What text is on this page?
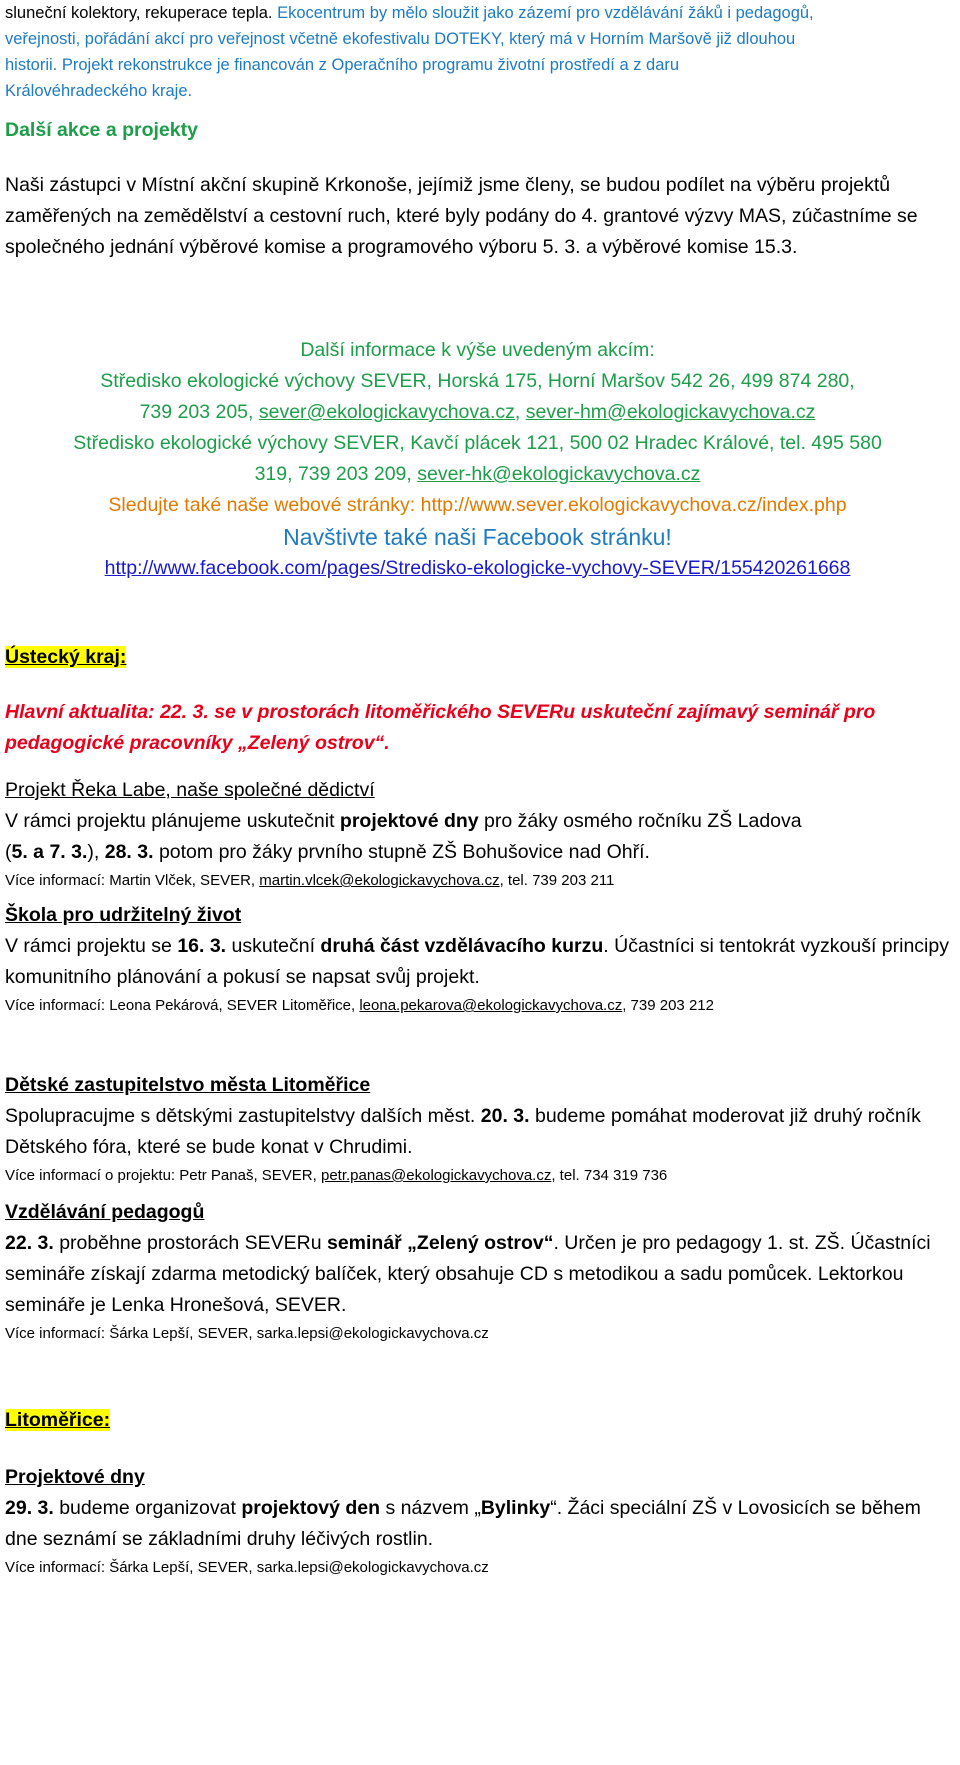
sluneční kolektory, rekuperace tepla. Ekocentrum by mělo sloužit jako zázemí pro vzdělávání žáků i pedagogů,

veřejnosti, pořádání akcí pro veřejnost včetně ekofestivalu DOTEKY, který má v Horním Maršově již dlouhou

historii. Projekt rekonstrukce je financován z Operačního programu životní prostředí a z daru

Královéhradeckého kraje.

Další akce a projekty

Naši zástupci v Místní akční skupině Krkonoše, jejímiž jsme členy, se budou podílet na výběru projektů zaměřených na zemědělství a cestovní ruch, které byly podány do 4. grantové výzvy MAS, zúčastníme se společného jednání výběrové komise a programového výboru 5. 3. a výběrové komise 15.3.

Další informace k výše uvedeným akcím:
Středisko ekologické výchovy SEVER, Horská 175, Horní Maršov 542 26, 499 874 280,
739 203 205, sever@ekologickavychova.cz, sever-hm@ekologickavychova.cz
Středisko ekologické výchovy SEVER, Kavčí plácek 121, 500 02 Hradec Králové, tel. 495 580
319, 739 203 209, sever-hk@ekologickavychova.cz
Sledujte také naše webové stránky: http://www.sever.ekologickavychova.cz/index.php
Navštivte také naši Facebook stránku!
http://www.facebook.com/pages/Stredisko-ekologicke-vychovy-SEVER/155420261668

Ústecký kraj:

Hlavní aktualita: 22. 3. se v prostorách litoměřického SEVERu uskuteční zajímavý seminář pro pedagogické pracovníky „Zelený ostrov“.

Projekt Řeka Labe, naše společné dědictví

V rámci projektu plánujeme uskutečnit projektové dny pro žáky osmého ročníku ZŠ Ladova
(5. a 7. 3.), 28. 3. potom pro žáky prvního stupně ZŠ Bohušovice nad Ohří.

Více informací: Martin Vlček, SEVER, martin.vlcek@ekologickavychova.cz, tel. 739 203 211

Škola pro udržitelný život

V rámci projektu se 16. 3. uskuteční druhá část vzdělávacího kurzu. Účastníci si tentokrát vyzkouší principy komunitního plánování a pokusí se napsat svůj projekt.

Více informací: Leona Pekárová, SEVER Litoměřice, leona.pekarova@ekologickavychova.cz, 739 203 212

Dětské zastupitelstvo města Litoměřice

Spolupracujme s dětskými zastupitelstvy dalších měst. 20. 3. budeme pomáhat moderovat již druhý ročník Dětského fóra, které se bude konat v Chrudimi.

Více informací o projektu: Petr Panaš, SEVER, petr.panas@ekologickavychova.cz, tel. 734 319 736

Vzdělávání pedagogů

22. 3. proběhne prostorách SEVERu seminář „Zelený ostrov“. Určen je pro pedagogy 1. st. ZŠ. Účastníci semináře získají zdarma metodický balíček, který obsahuje CD s metodikou a sadu pomůcek. Lektorkou semináře je Lenka Hronešová, SEVER.

Více informací: Šárka Lepší, SEVER, sarka.lepsi@ekologickavychova.cz

Litoměřice:

Projektové dny

29. 3. budeme organizovat projektový den s názvem „Bylinky“. Žáci speciální ZŠ v Lovosicích se během dne seznámí se základními druhy léčivých rostlin.

Více informací: Šárka Lepší, SEVER, sarka.lepsi@ekologickavychova.cz
